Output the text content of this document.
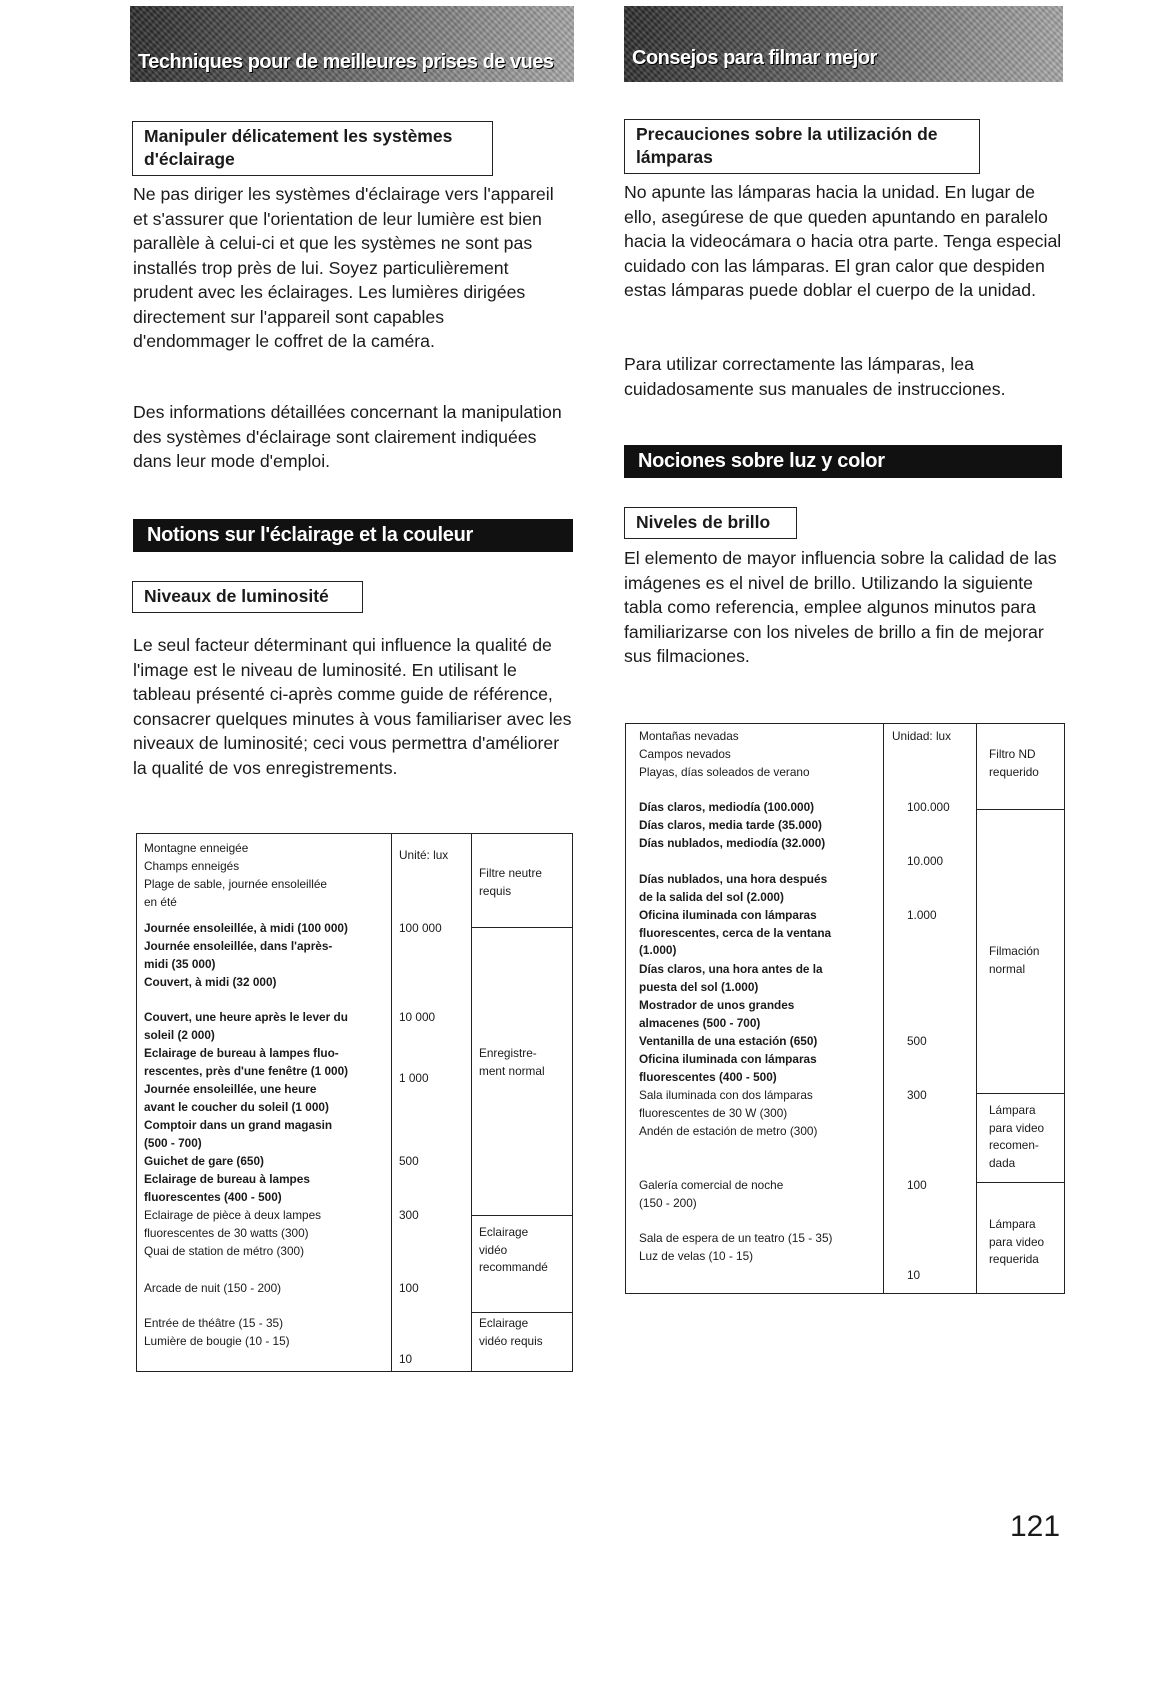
Techniques pour de meilleures prises de vues
Manipuler délicatement les systèmes d'éclairage

Ne pas diriger les systèmes d'éclairage vers l'appareil et s'assurer que l'orientation de leur lumière est bien parallèle à celui-ci et que les systèmes ne sont pas installés trop près de lui. Soyez particulièrement prudent avec les éclairages. Les lumières dirigées directement sur l'appareil sont capables d'endommager le coffret de la caméra.

Des informations détaillées concernant la manipulation des systèmes d'éclairage sont clairement indiquées dans leur mode d'emploi.

Notions sur l'éclairage et la couleur
Niveaux de luminosité

Le seul facteur déterminant qui influence la qualité de l'image est le niveau de luminosité. En utilisant le tableau présenté ci-après comme guide de référence, consacrer quelques minutes à vous familiariser avec les niveaux de luminosité; ceci vous permettra d'améliorer la qualité de vos enregistrements.

Montagne enneigée
Champs enneigés
Plage de sable, journée ensoleillée
en été
Journée ensoleillée, à midi (100 000)
Journée ensoleillée, dans l'après-
midi (35 000)
Couvert, à midi (32 000)
Couvert, une heure après le lever du
soleil (2 000)
Eclairage de bureau à lampes fluo-
rescentes, près d'une fenêtre (1 000)
Journée ensoleillée, une heure
avant le coucher du soleil (1 000)
Comptoir dans un grand magasin
(500 - 700)
Guichet de gare (650)
Eclairage de bureau à lampes
fluorescentes (400 - 500)
Eclairage de pièce à deux lampes
fluorescentes de 30 watts (300)
Quai de station de métro (300)
Arcade de nuit (150 - 200)
Entrée de théâtre (15 - 35)
Lumière de bougie (10 - 15)
Unité: lux
100 000
10 000
1 000
500
300
100
10
Filtre neutre
requis
Enregistre-
ment normal
Eclairage
vidéo
recommandé
Eclairage
vidéo requis
Consejos para filmar mejor
Precauciones sobre la utilización de lámparas

No apunte las lámparas hacia la unidad. En lugar de ello, asegúrese de que queden apuntando en paralelo hacia la videocámara o hacia otra parte. Tenga especial cuidado con las lámparas. El gran calor que despiden estas lámparas puede doblar el cuerpo de la unidad.

Para utilizar correctamente las lámparas, lea cuidadosamente sus manuales de instrucciones.

Nociones sobre luz y color
Niveles de brillo

El elemento de mayor influencia sobre la calidad de las imágenes es el nivel de brillo. Utilizando la siguiente tabla como referencia, emplee algunos minutos para familiarizarse con los niveles de brillo a fin de mejorar sus filmaciones.

Montañas nevadas
Campos nevados
Playas, días soleados de verano
Días claros, mediodía (100.000)
Días claros, media tarde (35.000)
Días nublados, mediodía (32.000)
Días nublados, una hora después
de la salida del sol (2.000)
Oficina iluminada con lámparas
fluorescentes, cerca de la ventana
(1.000)
Días claros, una hora antes de la
puesta del sol (1.000)
Mostrador de unos grandes
almacenes (500 - 700)
Ventanilla de una estación (650)
Oficina iluminada con lámparas
fluorescentes (400 - 500)
Sala iluminada con dos lámparas
fluorescentes de 30 W (300)
Andén de estación de metro (300)
Galería comercial de noche
(150 - 200)
Sala de espera de un teatro (15 - 35)
Luz de velas (10 - 15)
Unidad: lux
100.000
10.000
1.000
500
300
100
10
Filtro ND
requerido
Filmación
normal
Lámpara
para video
recomen-
dada
Lámpara
para video
requerida
121
